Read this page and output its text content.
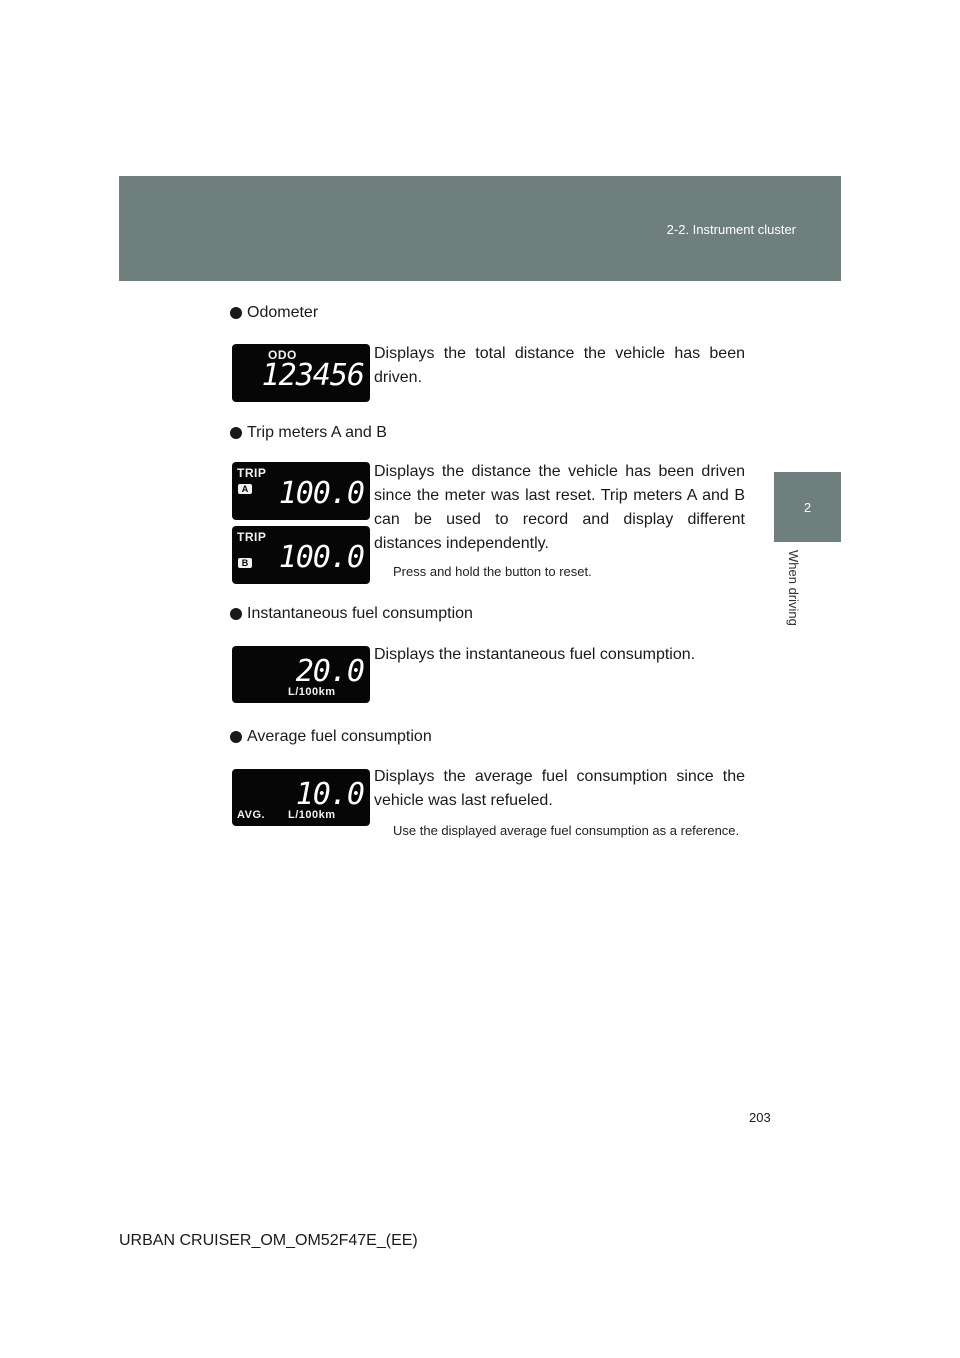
2-2. Instrument cluster
2
When driving
Odometer
ODO
123456
Displays the total distance the vehicle has been driven.
Trip meters A and B
TRIP
A 100.0
TRIP
B 100.0
Displays the distance the vehicle has been driven since the meter was last reset. Trip meters A and B can be used to record and display different distances independently.
Press and hold the button to reset.
Instantaneous fuel consumption
20.0
L/100km
Displays the instantaneous fuel consumption.
Average fuel consumption
10.0
AVG. L/100km
Displays the average fuel consumption since the vehicle was last refueled.
Use the displayed average fuel consumption as a reference.
203
URBAN CRUISER_OM_OM52F47E_(EE)
